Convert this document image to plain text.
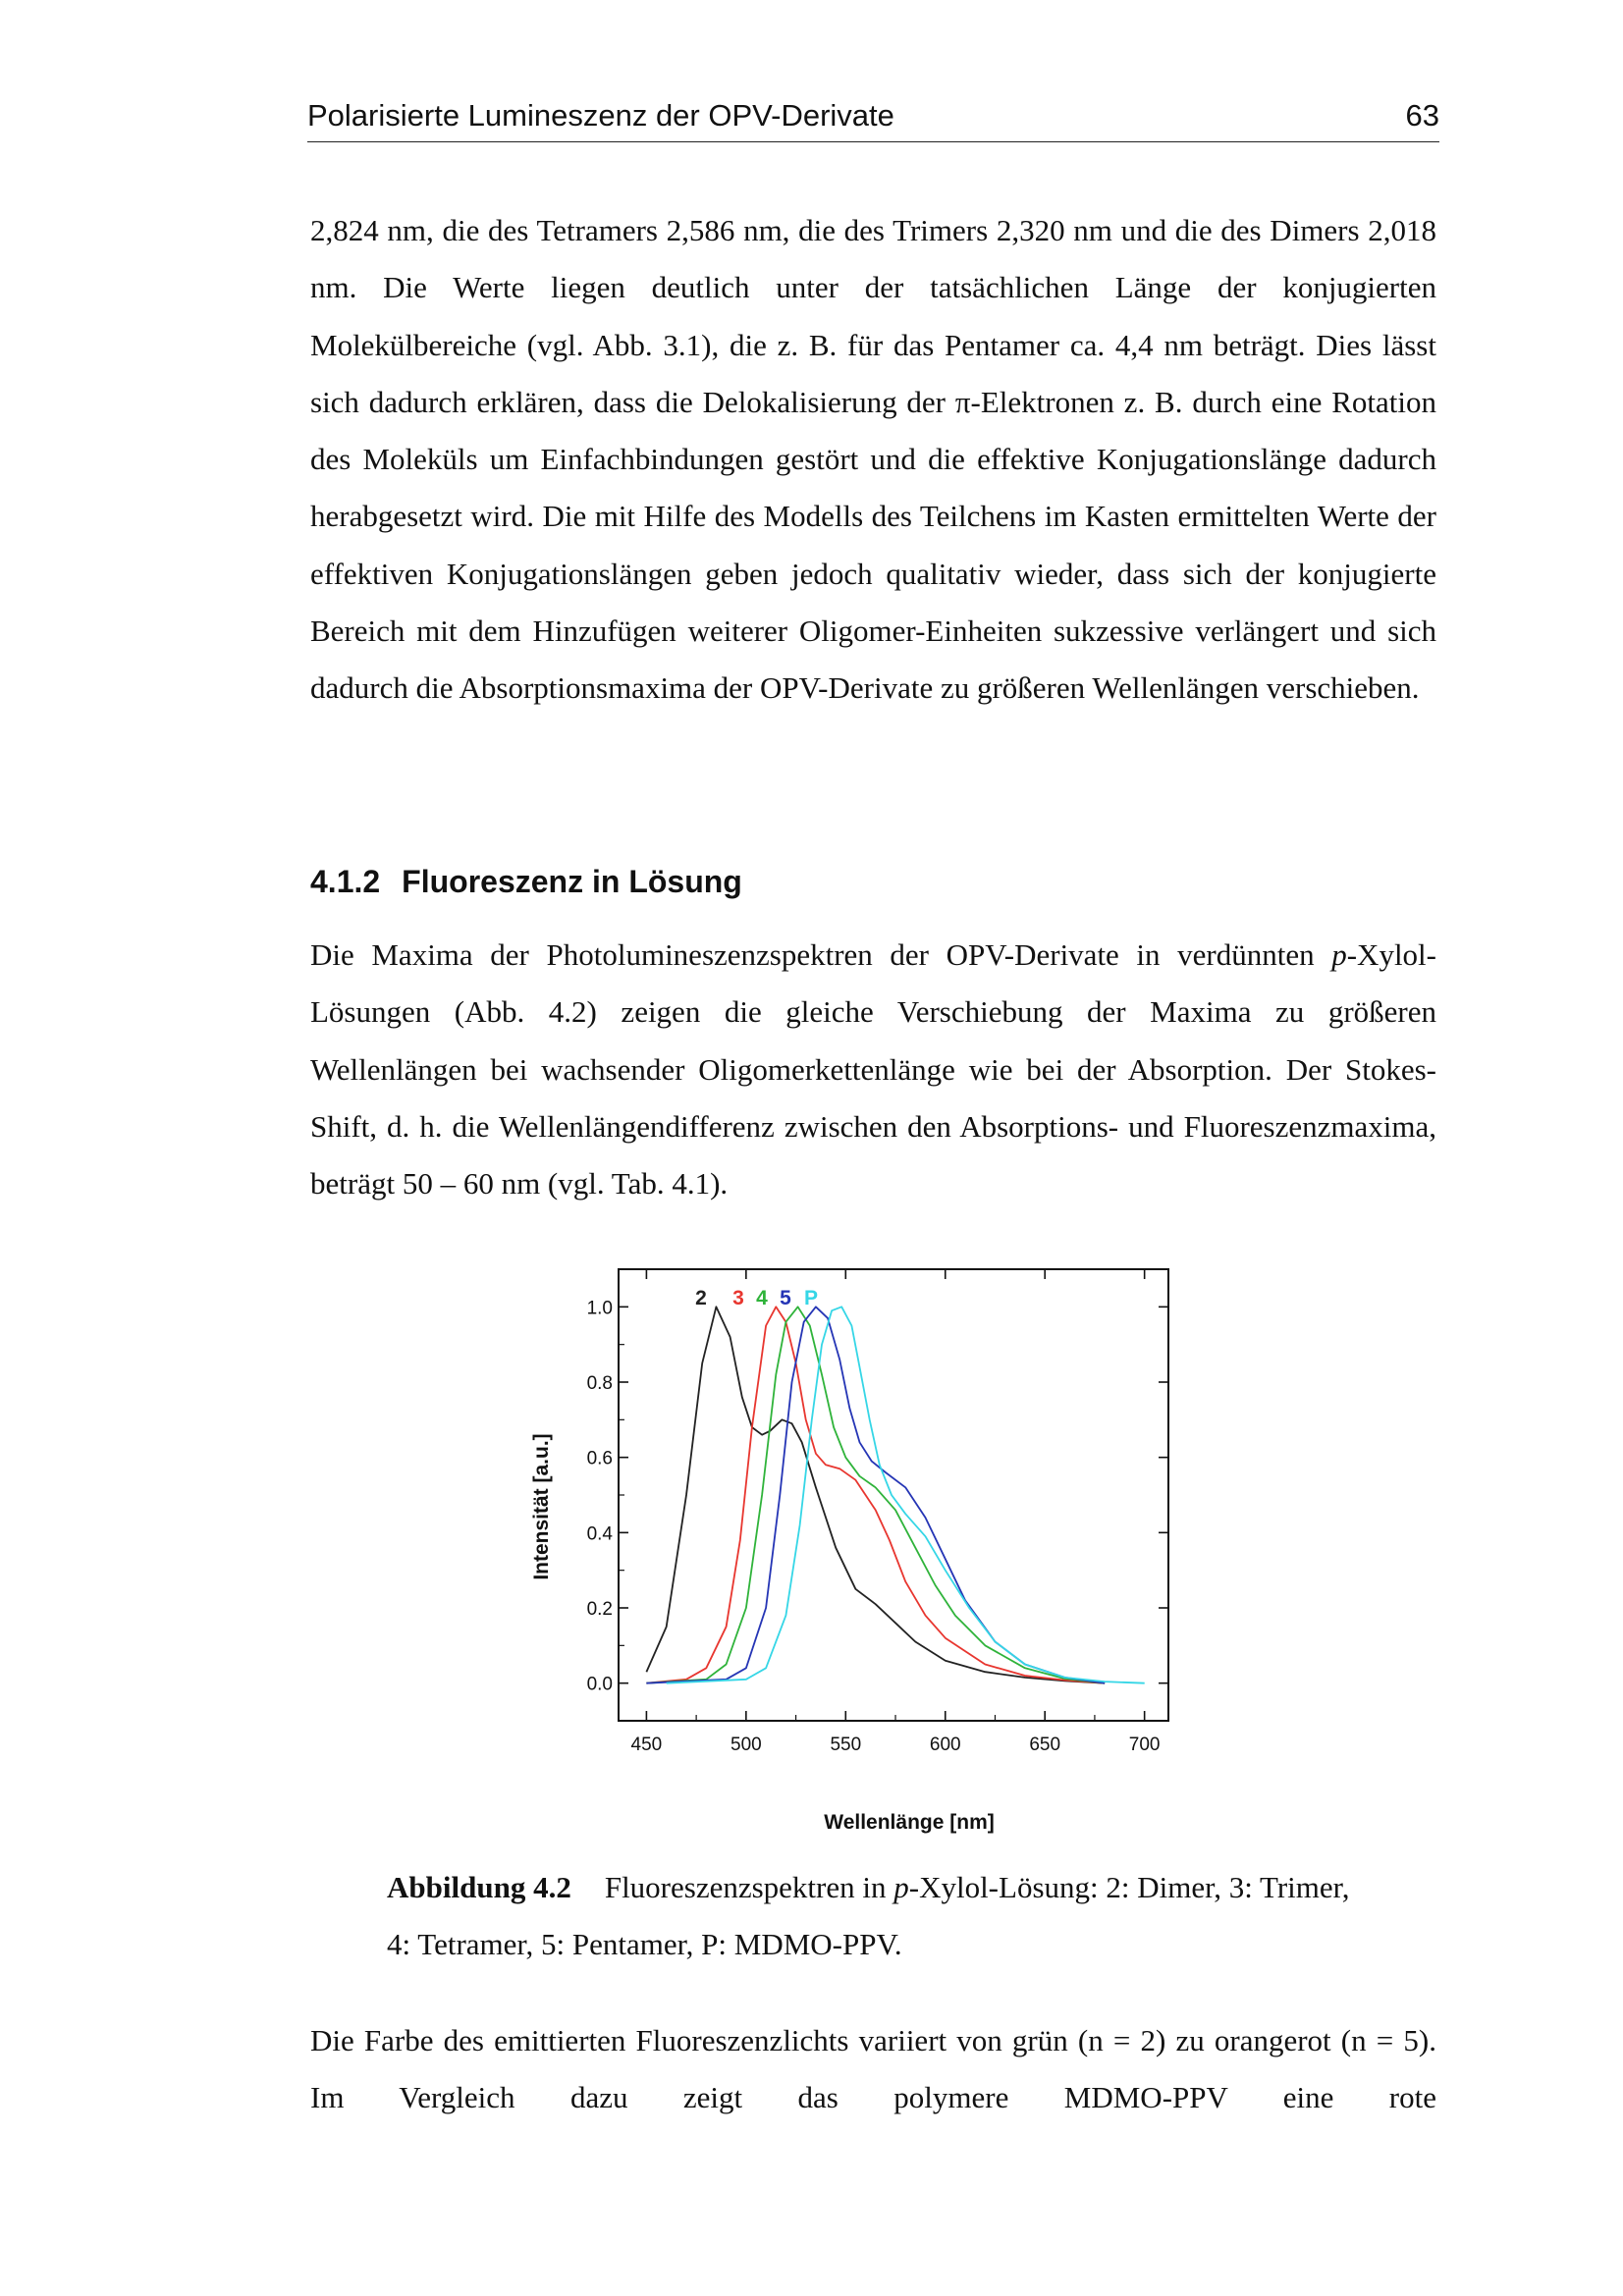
Polarisierte Lumineszenz der OPV-Derivate	63

2,824 nm, die des Tetramers 2,586 nm, die des Trimers 2,320 nm und die des Dimers 2,018 nm. Die Werte liegen deutlich unter der tatsächlichen Länge der konjugierten Molekülbereiche (vgl. Abb. 3.1), die z. B. für das Pentamer ca. 4,4 nm beträgt. Dies lässt sich dadurch erklären, dass die Delokalisierung der π-Elektronen z. B. durch eine Rotation des Moleküls um Einfachbindungen gestört und die effektive Konjugationslänge dadurch herabgesetzt wird. Die mit Hilfe des Modells des Teilchens im Kasten ermittelten Werte der effektiven Konjugationslängen geben jedoch qualitativ wieder, dass sich der konjugierte Bereich mit dem Hinzufügen weiterer Oligomer-Einheiten sukzessive verlängert und sich dadurch die Absorptionsmaxima der OPV-Derivate zu größeren Wellenlängen verschieben.

4.1.2 Fluoreszenz in Lösung

Die Maxima der Photolumineszenzspektren der OPV-Derivate in verdünnten p-Xylol-Lösungen (Abb. 4.2) zeigen die gleiche Verschiebung der Maxima zu größeren Wellenlängen bei wachsender Oligomerkettenlänge wie bei der Absorption. Der Stokes-Shift, d. h. die Wellenlängendifferenz zwischen den Absorptions- und Fluoreszenzmaxima, beträgt 50 – 60 nm (vgl. Tab. 4.1).

450	500	550	600	650	700
0.0
0.2
0.4
0.6
0.8
1.0	2 3 4 5 P
Wellenlänge [nm]
Intensität [a.u.]
Abbildung 4.2 Fluoreszenzspektren in p-Xylol-Lösung: 2: Dimer, 3: Trimer,
4: Tetramer, 5: Pentamer, P: MDMO-PPV.

Die Farbe des emittierten Fluoreszenzlichts variiert von grün (n = 2) zu orangerot (n = 5). Im Vergleich dazu zeigt das polymere MDMO-PPV eine rote
